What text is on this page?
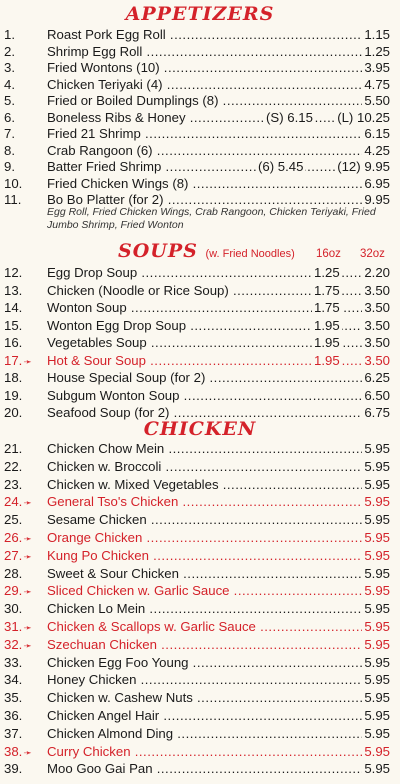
APPETIZERS
1. Roast Pork Egg Roll .....	1.15
2. Shrimp Egg Roll .....	1.25
3. Fried Wontons (10) .....	3.95
4. Chicken Teriyaki (4) .....	4.75
5. Fried or Boiled Dumplings (8) .....	5.50
6. Boneless Ribs & Honey .....	(S) 6.15 (L) 10.25
7. Fried 21 Shrimp .....	6.15
8. Crab Rangoon (6) .....	4.25
9. Batter Fried Shrimp .....	(6) 5.45	(12) 9.95
10. Fried Chicken Wings (8) .....	6.95
11. Bo Bo Platter (for 2) .....	9.95
Egg Roll, Fried Chicken Wings, Crab Rangoon, Chicken Teriyaki, Fried Jumbo Shrimp, Fried Wonton
SOUPS (w. Fried Noodles) 16oz 32oz
12. Egg Drop Soup .....	1.25 2.20
13. Chicken (Noodle or Rice Soup) .....	1.75 3.50
14. Wonton Soup .....	1.75 3.50
15. Wonton Egg Drop Soup .....	1.95 3.50
16. Vegetables Soup .....	1.95 3.50
17. ➛	Hot & Sour Soup .....	1.95 3.50
18. House Special Soup (for 2) .....	6.25
19. Subgum Wonton Soup .....	6.50
20. Seafood Soup (for 2) .....	6.75
CHICKEN
21. Chicken Chow Mein .....	5.95
22. Chicken w. Broccoli .....	5.95
23. Chicken w. Mixed Vegetables .....	5.95
24. ➛	General Tso's Chicken .....	5.95
25. Sesame Chicken .....	5.95
26. ➛	Orange Chicken .....	5.95
27. ➛	Kung Po Chicken .....	5.95
28. Sweet & Sour Chicken .....	5.95
29. ➛	Sliced Chicken w. Garlic Sauce .....	5.95
30. Chicken Lo Mein .....	5.95
31. ➛	Chicken & Scallops w. Garlic Sauce .....	5.95
32. ➛	Szechuan Chicken .....	5.95
33. Chicken Egg Foo Young .....	5.95
34. Honey Chicken .....	5.95
35. Chicken w. Cashew Nuts .....	5.95
36. Chicken Angel Hair .....	5.95
37. Chicken Almond Ding .....	5.95
38. ➛	Curry Chicken .....	5.95
39. Moo Goo Gai Pan .....	5.95
